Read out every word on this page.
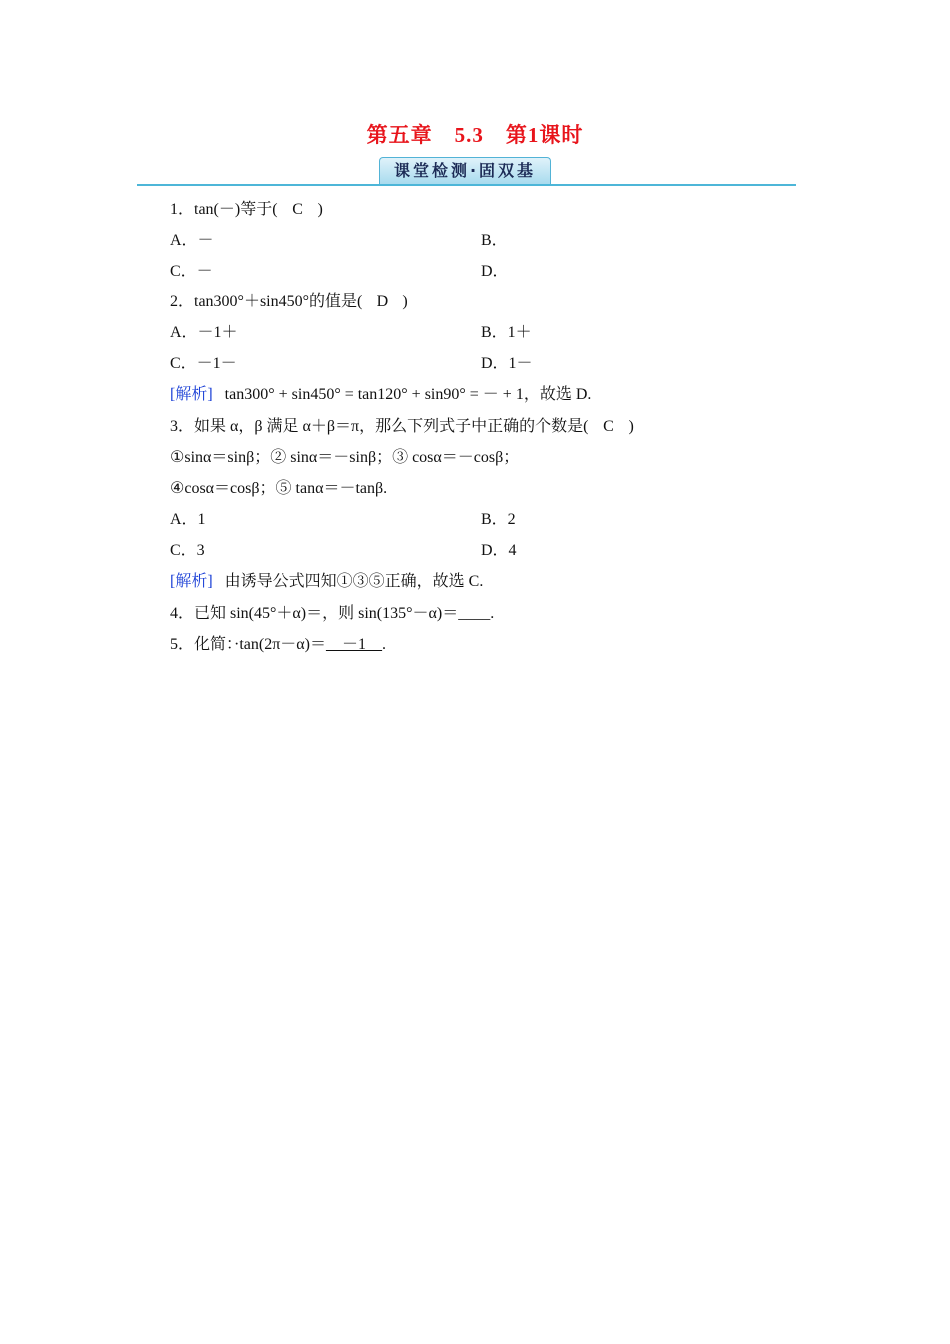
第五章　5.3　第1课时
课堂检测·固双基
1．tan(－)等于( C )
A．－	B．
C．－	D．
2．tan300°＋sin450°的值是( D )
A．－1＋	B．1＋
C．－1－	D．1－
[解析] tan300° + sin450° = tan120° + sin90° = － + 1，故选 D.
3．如果 α，β 满足 α＋β＝π，那么下列式子中正确的个数是( C )
①sinα＝sinβ；② sinα＝－sinβ；③ cosα＝－cosβ；
④cosα＝cosβ；⑤ tanα＝－tanβ.
A．1	B．2
C．3	D．4
[解析] 由诱导公式四知①③⑤正确，故选 C.
4．已知 sin(45°＋α)＝，则 sin(135°－α)＝____.
5．化简：·tan(2π－α)＝__－1__.
